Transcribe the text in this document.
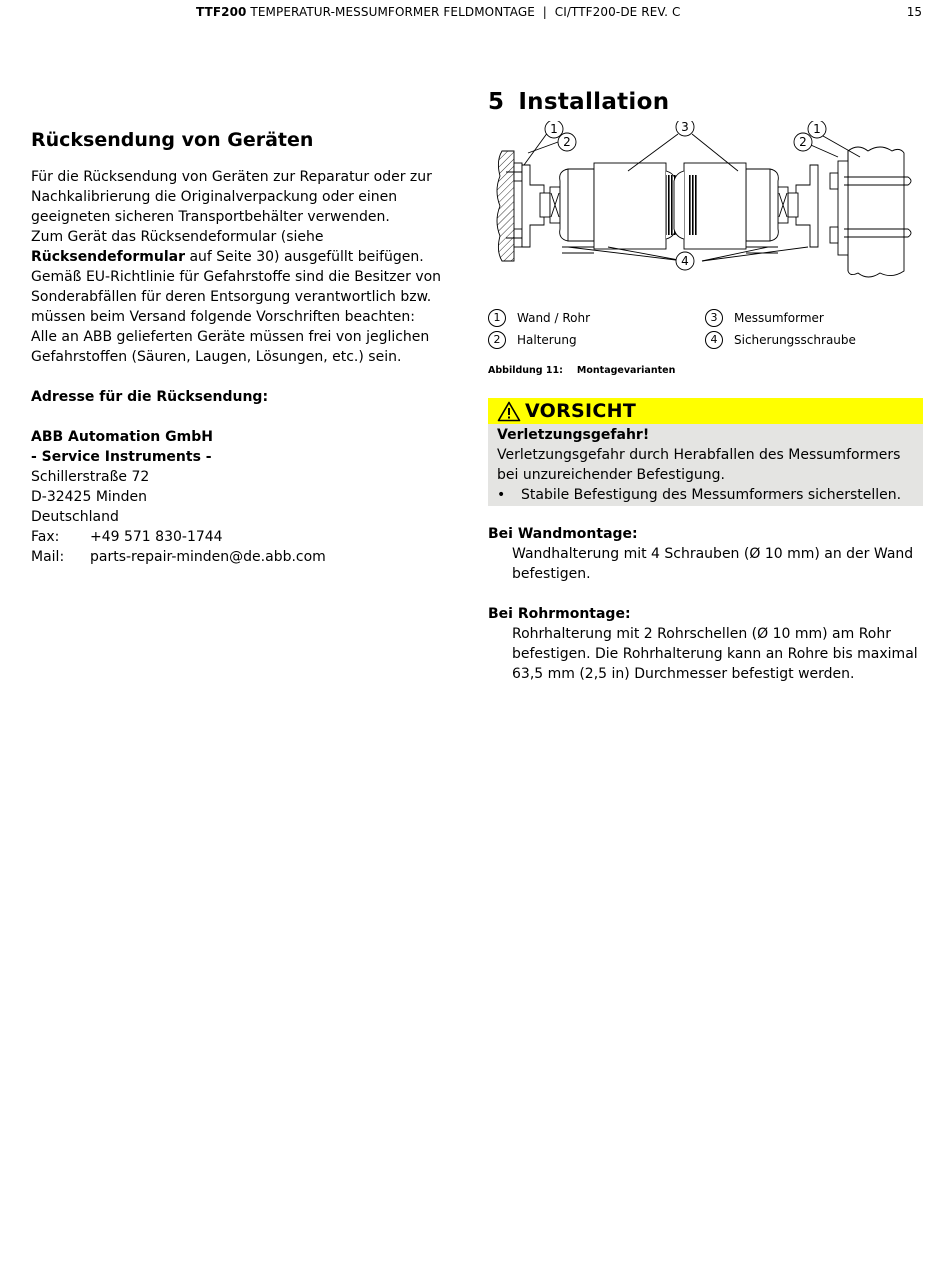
TTF200 TEMPERATUR-MESSUMFORMER FELDMONTAGE  |  CI/TTF200-DE REV. C	15
Rücksendung von Geräten

Für die Rücksendung von Geräten zur Reparatur oder zur Nachkalibrierung die Originalverpackung oder einen geeigneten sicheren Transportbehälter verwenden.

Zum Gerät das Rücksendeformular (siehe Rücksendeformular auf Seite 30) ausgefüllt beifügen.

Gemäß EU-Richtlinie für Gefahrstoffe sind die Besitzer von Sonderabfällen für deren Entsorgung verantwortlich bzw. müssen beim Versand folgende Vorschriften beachten:

Alle an ABB gelieferten Geräte müssen frei von jeglichen Gefahrstoffen (Säuren, Laugen, Lösungen, etc.) sein.

Adresse für die Rücksendung:

ABB Automation GmbH

- Service Instruments -

Schillerstraße 72

D-32425 Minden

Deutschland

Fax:	+49 571 830-1744
Mail:	parts-repair-minden@de.abb.com
5 Installation
1
2
3	1
2
4
1	Wand / Rohr	3	Messumformer
2	Halterung	4	Sicherungsschraube
Abbildung 11: Montagevarianten
VORSICHT
Verletzungsgefahr!
Verletzungsgefahr durch Herabfallen des Messumformers bei unzureichender Befestigung.
•	Stabile Befestigung des Messumformers sicherstellen.
Bei Wandmontage:
Wandhalterung mit 4 Schrauben (Ø 10 mm) an der Wand befestigen.
Bei Rohrmontage:
Rohrhalterung mit 2 Rohrschellen (Ø 10 mm) am Rohr befestigen. Die Rohrhalterung kann an Rohre bis maximal 63,5 mm (2,5 in) Durchmesser befestigt werden.
